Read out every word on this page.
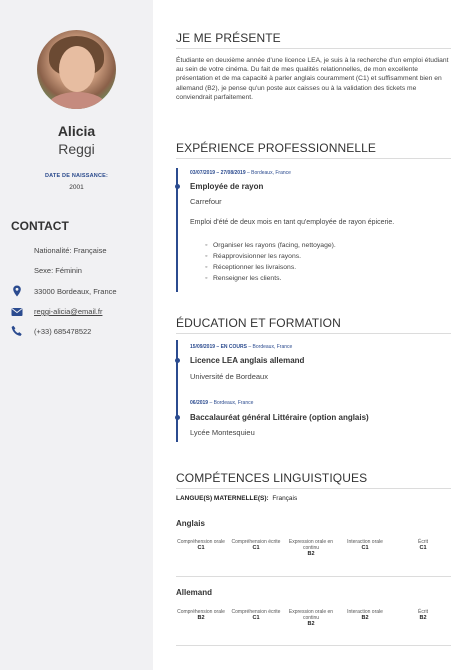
Alicia
Reggi
DATE DE NAISSANCE:
2001
CONTACT
Nationalité: Française
Sexe: Féminin
33000 Bordeaux, France
reggi-alicia@email.fr
(+33) 685478522
JE ME PRÉSENTE
Étudiante en deuxième année d'une licence LEA, je suis à la recherche d'un emploi étudiant au sein de votre cinéma. Du fait de mes qualités relationnelles, de mon excellente présentation et de ma capacité à parler anglais couramment (C1) et suffisamment bien en allemand (B2), je pense qu'un poste aux caisses ou à la validation des tickets me conviendrait parfaitement.
EXPÉRIENCE PROFESSIONNELLE
03/07/2019 – 27/08/2019 – Bordeaux, France
Employée de rayon
Carrefour
Emploi d'été de deux mois en tant qu'employée de rayon épicerie.
◦ Organiser les rayons (facing, nettoyage).
◦ Réapprovisionner les rayons.
◦ Réceptionner les livraisons.
◦ Renseigner les clients.
ÉDUCATION ET FORMATION
15/09/2019 – EN COURS – Bordeaux, France
Licence LEA anglais allemand
Université de Bordeaux
06/2019 – Bordeaux, France
Baccalauréat général Littéraire (option anglais)
Lycée Montesquieu
COMPÉTENCES LINGUISTIQUES
LANGUE(S) MATERNELLE(S): Français
Anglais
Compréhension orale
C1
Compréhension écrite
C1
Expression orale en continu
B2
Interaction orale
C1
Écrit
C1
Allemand
Compréhension orale
B2
Compréhension écrite
C1
Expression orale en continu
B2
Interaction orale
B2
Écrit
B2
